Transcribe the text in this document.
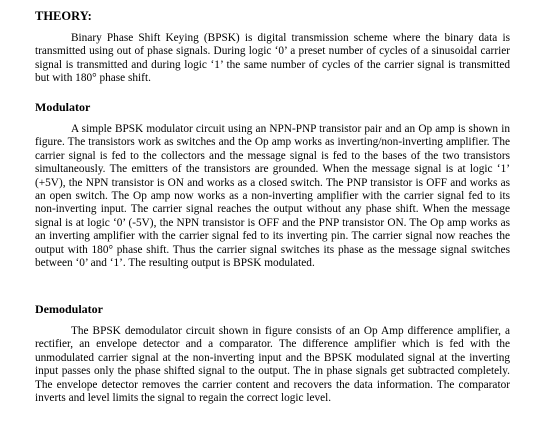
THEORY:

Binary Phase Shift Keying (BPSK) is digital transmission scheme where the binary data is transmitted using out of phase signals. During logic ‘0’ a preset number of cycles of a sinusoidal carrier signal is transmitted and during logic ‘1’ the same number of cycles of the carrier signal is transmitted but with 180° phase shift.

Modulator

A simple BPSK modulator circuit using an NPN-PNP transistor pair and an Op amp is shown in figure. The transistors work as switches and the Op amp works as inverting/non-inverting amplifier. The carrier signal is fed to the collectors and the message signal is fed to the bases of the two transistors simultaneously. The emitters of the transistors are grounded. When the message signal is at logic ‘1’ (+5V), the NPN transistor is ON and works as a closed switch. The PNP transistor is OFF and works as an open switch. The Op amp now works as a non-inverting amplifier with the carrier signal fed to its non-inverting input. The carrier signal reaches the output without any phase shift. When the message signal is at logic ‘0’ (-5V), the NPN transistor is OFF and the PNP transistor ON. The Op amp works as an inverting amplifier with the carrier signal fed to its inverting pin. The carrier signal now reaches the output with 180° phase shift. Thus the carrier signal switches its phase as the message signal switches between ‘0’ and ‘1’. The resulting output is BPSK modulated.

Demodulator

The BPSK demodulator circuit shown in figure consists of an Op Amp difference amplifier, a rectifier, an envelope detector and a comparator. The difference amplifier which is fed with the unmodulated carrier signal at the non-inverting input and the BPSK modulated signal at the inverting input passes only the phase shifted signal to the output. The in phase signals get subtracted completely. The envelope detector removes the carrier content and recovers the data information. The comparator inverts and level limits the signal to regain the correct logic level.
